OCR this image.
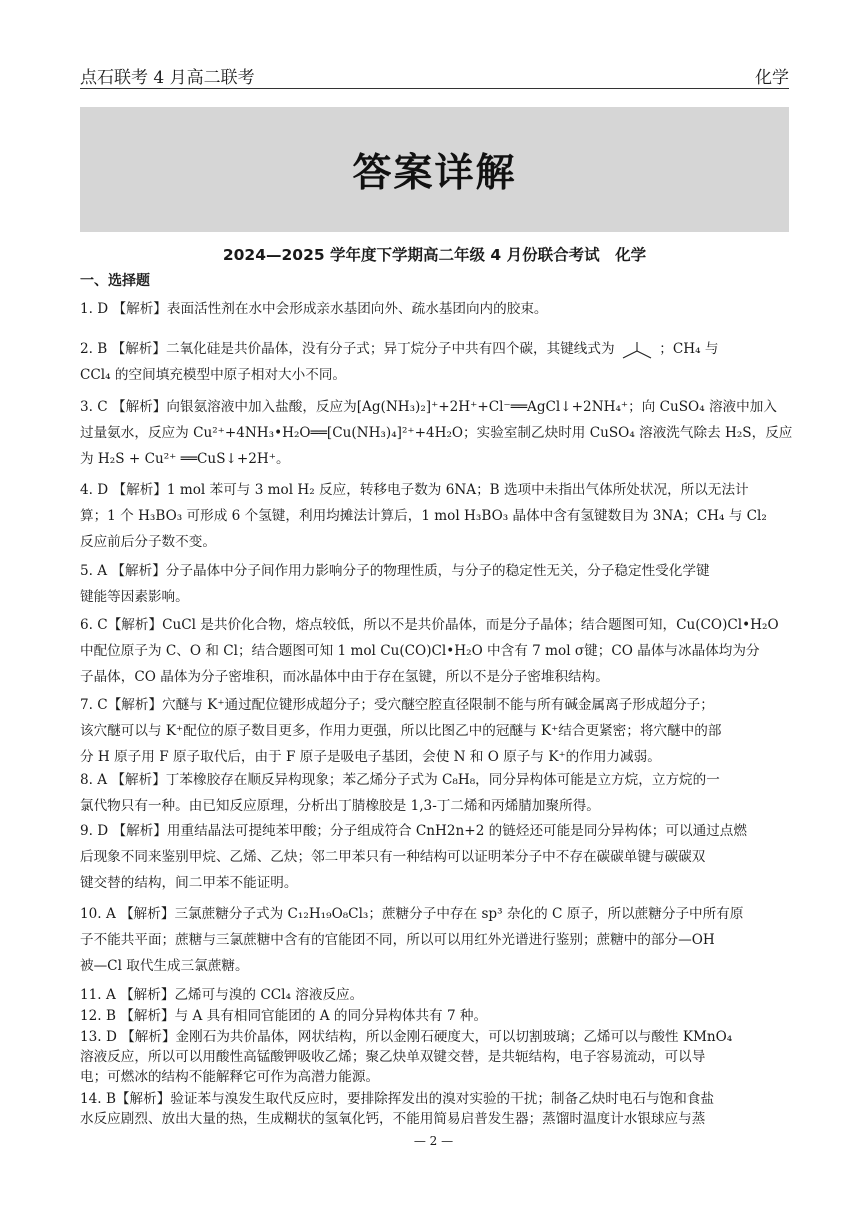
点石联考 4 月高二联考	化学
答案详解
2024—2025 学年度下学期高二年级 4 月份联合考试　化学
一、选择题
1. D 【解析】表面活性剂在水中会形成亲水基团向外、疏水基团向内的胶束。
2. B 【解析】二氧化硅是共价晶体，没有分子式；异丁烷分子中共有四个碳，其键线式为	；CH₄ 与
CCl₄ 的空间填充模型中原子相对大小不同。
3. C 【解析】向银氨溶液中加入盐酸，反应为[Ag(NH₃)₂]⁺+2H⁺+Cl⁻══AgCl↓+2NH₄⁺；向 CuSO₄ 溶液中加入
过量氨水，反应为 Cu²⁺+4NH₃•H₂O══[Cu(NH₃)₄]²⁺+4H₂O；实验室制乙炔时用 CuSO₄ 溶液洗气除去 H₂S，反应
为 H₂S + Cu²⁺ ══CuS↓+2H⁺。
4. D 【解析】1 mol 苯可与 3 mol H₂ 反应，转移电子数为 6NA；B 选项中未指出气体所处状况，所以无法计
算；1 个 H₃BO₃ 可形成 6 个氢键，利用均摊法计算后，1 mol H₃BO₃ 晶体中含有氢键数目为 3NA；CH₄ 与 Cl₂
反应前后分子数不变。
5. A 【解析】分子晶体中分子间作用力影响分子的物理性质，与分子的稳定性无关，分子稳定性受化学键
键能等因素影响。
6. C【解析】CuCl 是共价化合物，熔点较低，所以不是共价晶体，而是分子晶体；结合题图可知，Cu(CO)Cl•H₂O
中配位原子为 C、O 和 Cl；结合题图可知 1 mol Cu(CO)Cl•H₂O 中含有 7 mol σ键；CO 晶体与冰晶体均为分
子晶体，CO 晶体为分子密堆积，而冰晶体中由于存在氢键，所以不是分子密堆积结构。
7. C【解析】穴醚与 K⁺通过配位键形成超分子；受穴醚空腔直径限制不能与所有碱金属离子形成超分子；
该穴醚可以与 K⁺配位的原子数目更多，作用力更强，所以比图乙中的冠醚与 K⁺结合更紧密；将穴醚中的部
分 H 原子用 F 原子取代后，由于 F 原子是吸电子基团，会使 N 和 O 原子与 K⁺的作用力减弱。
8. A 【解析】丁苯橡胶存在顺反异构现象；苯乙烯分子式为 C₈H₈，同分异构体可能是立方烷，立方烷的一
氯代物只有一种。由已知反应原理，分析出丁腈橡胶是 1,3-丁二烯和丙烯腈加聚所得。
9. D 【解析】用重结晶法可提纯苯甲酸；分子组成符合 CnH2n+2 的链烃还可能是同分异构体；可以通过点燃
后现象不同来鉴别甲烷、乙烯、乙炔；邻二甲苯只有一种结构可以证明苯分子中不存在碳碳单键与碳碳双
键交替的结构，间二甲苯不能证明。
10. A 【解析】三氯蔗糖分子式为 C₁₂H₁₉O₈Cl₃；蔗糖分子中存在 sp³ 杂化的 C 原子，所以蔗糖分子中所有原
子不能共平面；蔗糖与三氯蔗糖中含有的官能团不同，所以可以用红外光谱进行鉴别；蔗糖中的部分—OH
被—Cl 取代生成三氯蔗糖。
11. A 【解析】乙烯可与溴的 CCl₄ 溶液反应。
12. B 【解析】与 A 具有相同官能团的 A 的同分异构体共有 7 种。
13. D 【解析】金刚石为共价晶体，网状结构，所以金刚石硬度大，可以切割玻璃；乙烯可以与酸性 KMnO₄
溶液反应，所以可以用酸性高锰酸钾吸收乙烯；聚乙炔单双键交替，是共轭结构，电子容易流动，可以导
电；可燃冰的结构不能解释它可作为高潜力能源。
14. B【解析】验证苯与溴发生取代反应时，要排除挥发出的溴对实验的干扰；制备乙炔时电石与饱和食盐
水反应剧烈、放出大量的热，生成糊状的氢氧化钙，不能用简易启普发生器；蒸馏时温度计水银球应与蒸
— 2 —
